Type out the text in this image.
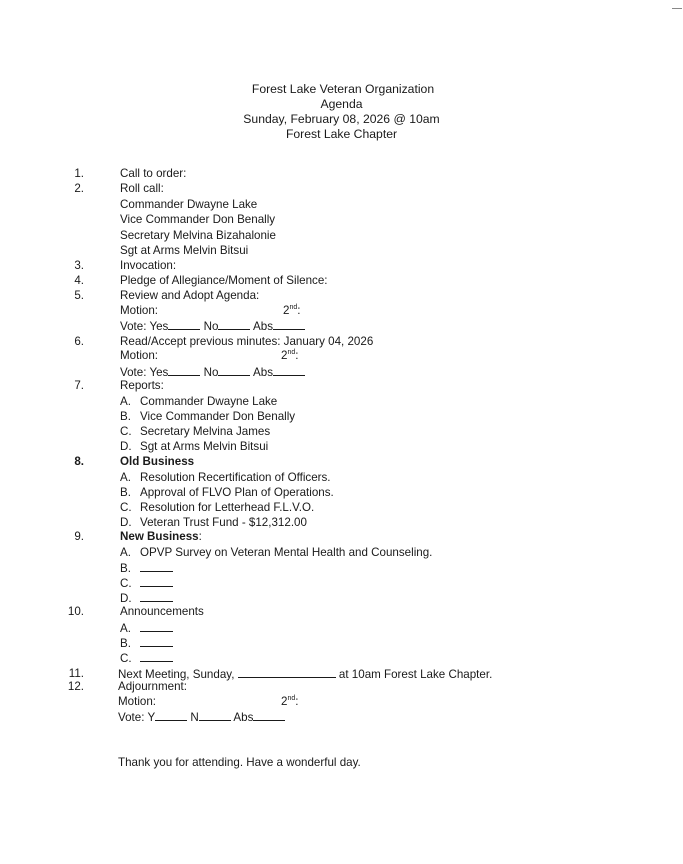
Forest Lake Veteran Organization
Agenda
Sunday, February 08, 2026 @ 10am
Forest Lake Chapter
1.	Call to order:
2.	Roll call:
Commander Dwayne Lake
Vice Commander Don Benally
Secretary Melvina Bizahalonie
Sgt at Arms Melvin Bitsui
3.	Invocation:
4.	Pledge of Allegiance/Moment of Silence:
5.	Review and Adopt Agenda:
Motion:	2nd:
Vote: Yes	No	Abs
6.	Read/Accept previous minutes: January 04, 2026
Motion:	2nd:
Vote: Yes	No	Abs
7.	Reports:
A. Commander Dwayne Lake
B. Vice Commander Don Benally
C. Secretary Melvina James
D. Sgt at Arms Melvin Bitsui
8.	Old Business
A. Resolution Recertification of Officers.
B. Approval of FLVO Plan of Operations.
C. Resolution for Letterhead F.L.V.O.
D. Veteran Trust Fund - $12,312.00
9.	New Business:
A. OPVP Survey on Veteran Mental Health and Counseling.
B.
C.
D.
10.	Announcements
A.
B.
C.
11.	Next Meeting, Sunday,	at 10am Forest Lake Chapter.
12.	Adjournment:
Motion:	2nd:
Vote: Y	N	Abs
Thank you for attending. Have a wonderful day.
